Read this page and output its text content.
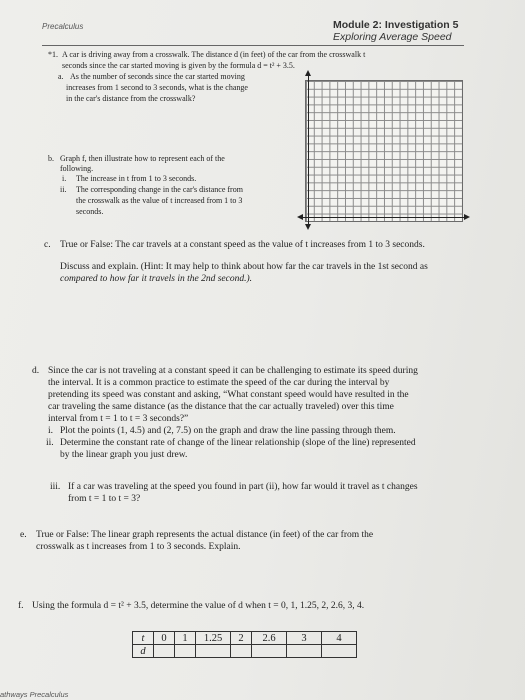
Precalculus	Module 2: Investigation 5
Exploring Average Speed
*1. A car is driving away from a crosswalk. The distance d (in feet) of the car from the crosswalk t
seconds since the car started moving is given by the formula d = t² + 3.5.
a. As the number of seconds since the car started moving
increases from 1 second to 3 seconds, what is the change
in the car's distance from the crosswalk?
b. Graph f, then illustrate how to represent each of the
following.
i. The increase in t from 1 to 3 seconds.
ii. The corresponding change in the car's distance from
the crosswalk as the value of t increased from 1 to 3
seconds.
c. True or False: The car travels at a constant speed as the value of t increases from 1 to 3 seconds.
Discuss and explain. (Hint: It may help to think about how far the car travels in the 1st second as
compared to how far it travels in the 2nd second.).
d. Since the car is not traveling at a constant speed it can be challenging to estimate its speed during
the interval. It is a common practice to estimate the speed of the car during the interval by
pretending its speed was constant and asking, “What constant speed would have resulted in the
car traveling the same distance (as the distance that the car actually traveled) over this time
interval from t = 1 to t = 3 seconds?”
i. Plot the points (1, 4.5) and (2, 7.5) on the graph and draw the line passing through them.
ii. Determine the constant rate of change of the linear relationship (slope of the line) represented
by the linear graph you just drew.
iii. If a car was traveling at the speed you found in part (ii), how far would it travel as t changes
from t = 1 to t = 3?
e. True or False: The linear graph represents the actual distance (in feet) of the car from the
crosswalk as t increases from 1 to 3 seconds. Explain.
f. Using the formula d = t² + 3.5, determine the value of d when t = 0, 1, 1.25, 2, 2.6, 3, 4.
t	0	1	1.25	2	2.6	3	4
d							
athways Precalculus
